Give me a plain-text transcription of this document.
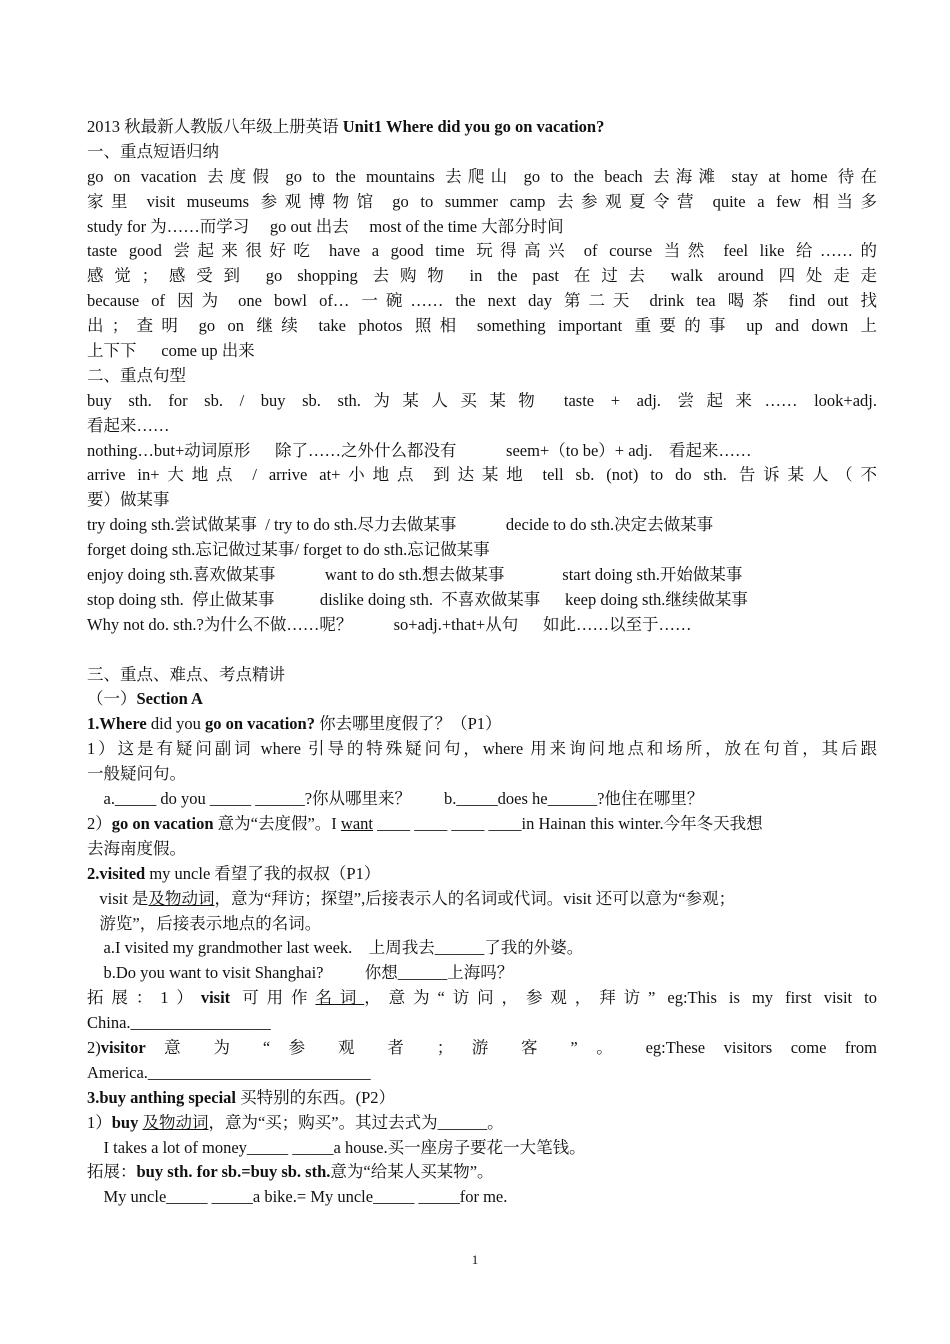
2013 秋最新人教版八年级上册英语 Unit1 Where did you go on vacation?
一、重点短语归纳
go on vacation 去度假 go to the mountains 去爬山 go to the beach 去海滩 stay at home 待在
家里 visit museums 参观博物馆 go to summer camp 去参观夏令营 quite a few 相当多
study for 为……而学习     go out 出去     most of the time 大部分时间
taste good 尝起来很好吃 have a good time 玩得高兴 of course 当然 feel like 给……的
感觉；感受到 go shopping 去购物 in the past 在过去 walk around 四处走走
because of 因为 one bowl of… 一碗…… the next day 第二天 drink tea 喝茶 find out 找
出；查明 go on 继续 take photos 照相 something important 重要的事 up and down 上
上下下      come up 出来
二、重点句型
buy sth. for sb. / buy sb. sth.为某人买某物 taste + adj. 尝起来…… look+adj.
看起来……
nothing…but+动词原形      除了……之外什么都没有            seem+（to be）+ adj.    看起来……
arrive in+大地点 / arrive at+小地点 到达某地 tell sb. (not) to do sth. 告诉某人（不
要）做某事
try doing sth.尝试做某事  / try to do sth.尽力去做某事            decide to do sth.决定去做某事
forget doing sth.忘记做过某事/ forget to do sth.忘记做某事
enjoy doing sth.喜欢做某事            want to do sth.想去做某事              start doing sth.开始做某事
stop doing sth.  停止做某事           dislike doing sth.  不喜欢做某事      keep doing sth.继续做某事
Why not do. sth.?为什么不做……呢？          so+adj.+that+从句      如此……以至于……
三、重点、难点、考点精讲
（一）Section A
1.Where did you go on vacation? 你去哪里度假了？（P1）
1）这是有疑问副词 where 引导的特殊疑问句，where 用来询问地点和场所，放在句首，其后跟
一般疑问句。
a._____ do you _____ ______?你从哪里来？        b._____does he______?他住在哪里？
2）go on vacation 意为“去度假”。I want ____ ____ ____ ____in Hainan this winter.今年冬天我想
去海南度假。
2.visited my uncle 看望了我的叔叔（P1）
visit 是及物动词，意为“拜访；探望”,后接表示人的名词或代词。visit 还可以意为“参观；
游览”，后接表示地点的名词。
a.I visited my grandmother last week.    上周我去______了我的外婆。
b.Do you want to visit Shanghai?          你想______上海吗？
拓展：1）visit 可用作名词，意为“访问，参观，拜访” eg:This is my first visit to
China._________________
2)visitor 意 为 “ 参 观 者 ； 游 客 ” 。 eg:These visitors come from
America.___________________________
3.buy anthing special 买特别的东西。(P2）
1）buy 及物动词，意为“买；购买”。其过去式为______。
I takes a lot of money_____ _____a house.买一座房子要花一大笔钱。
拓展：buy sth. for sb.=buy sb. sth.意为“给某人买某物”。
My uncle_____ _____a bike.= My uncle_____ _____for me.
1
